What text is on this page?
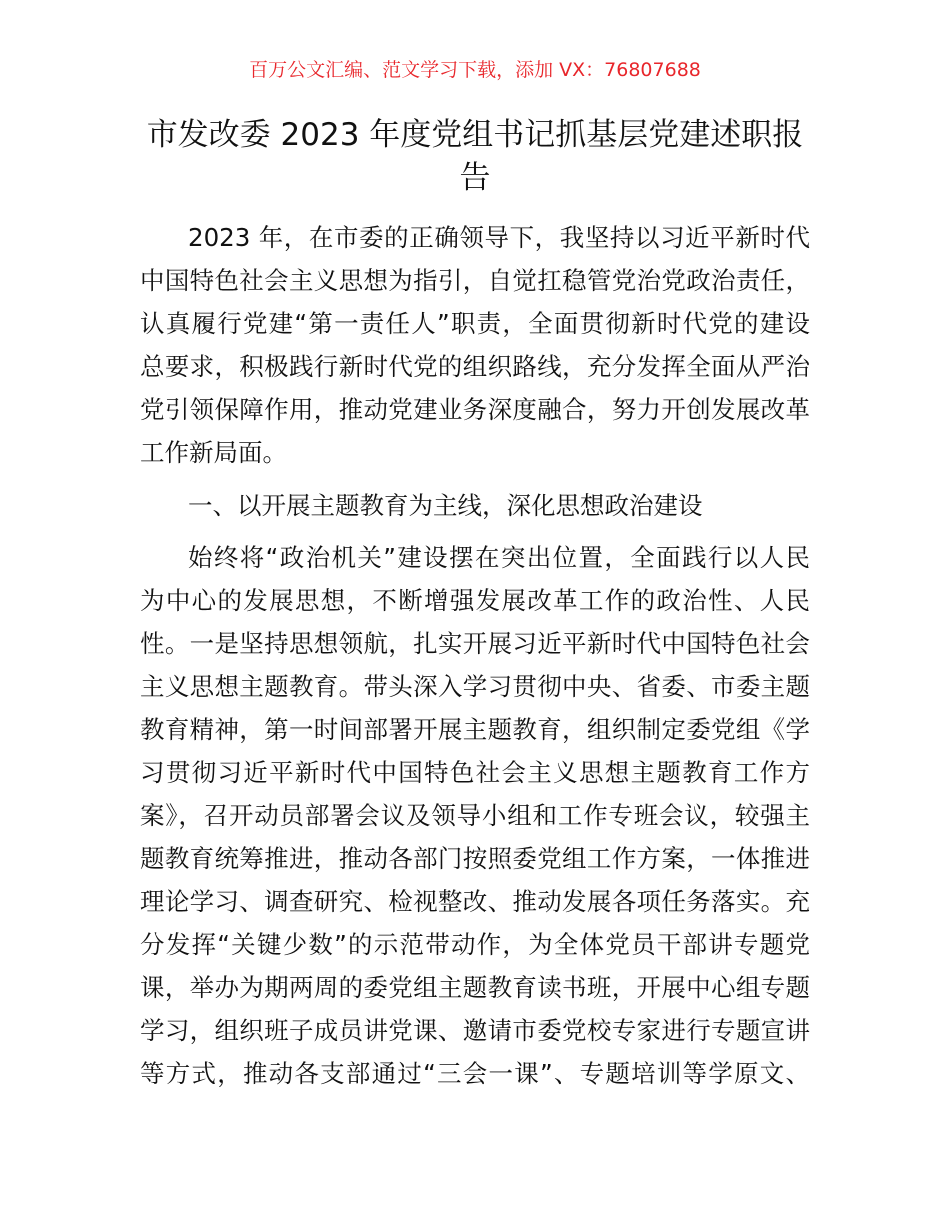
百万公文汇编、范文学习下载，添加 VX：76807688
市发改委 2023 年度党组书记抓基层党建述职报
告
2023 年，在市委的正确领导下，我坚持以习近平新时代
中国特色社会主义思想为指引，自觉扛稳管党治党政治责任，
认真履行党建“第一责任人”职责，全面贯彻新时代党的建设
总要求，积极践行新时代党的组织路线，充分发挥全面从严治
党引领保障作用，推动党建业务深度融合，努力开创发展改革
工作新局面。
一、以开展主题教育为主线，深化思想政治建设
始终将“政治机关”建设摆在突出位置，全面践行以人民
为中心的发展思想，不断增强发展改革工作的政治性、人民
性。一是坚持思想领航，扎实开展习近平新时代中国特色社会
主义思想主题教育。带头深入学习贯彻中央、省委、市委主题
教育精神，第一时间部署开展主题教育，组织制定委党组《学
习贯彻习近平新时代中国特色社会主义思想主题教育工作方
案》，召开动员部署会议及领导小组和工作专班会议，较强主
题教育统筹推进，推动各部门按照委党组工作方案，一体推进
理论学习、调查研究、检视整改、推动发展各项任务落实。充
分发挥“关键少数”的示范带动作，为全体党员干部讲专题党
课，举办为期两周的委党组主题教育读书班，开展中心组专题
学习，组织班子成员讲党课、邀请市委党校专家进行专题宣讲
等方式，推动各支部通过“三会一课”、专题培训等学原文、
